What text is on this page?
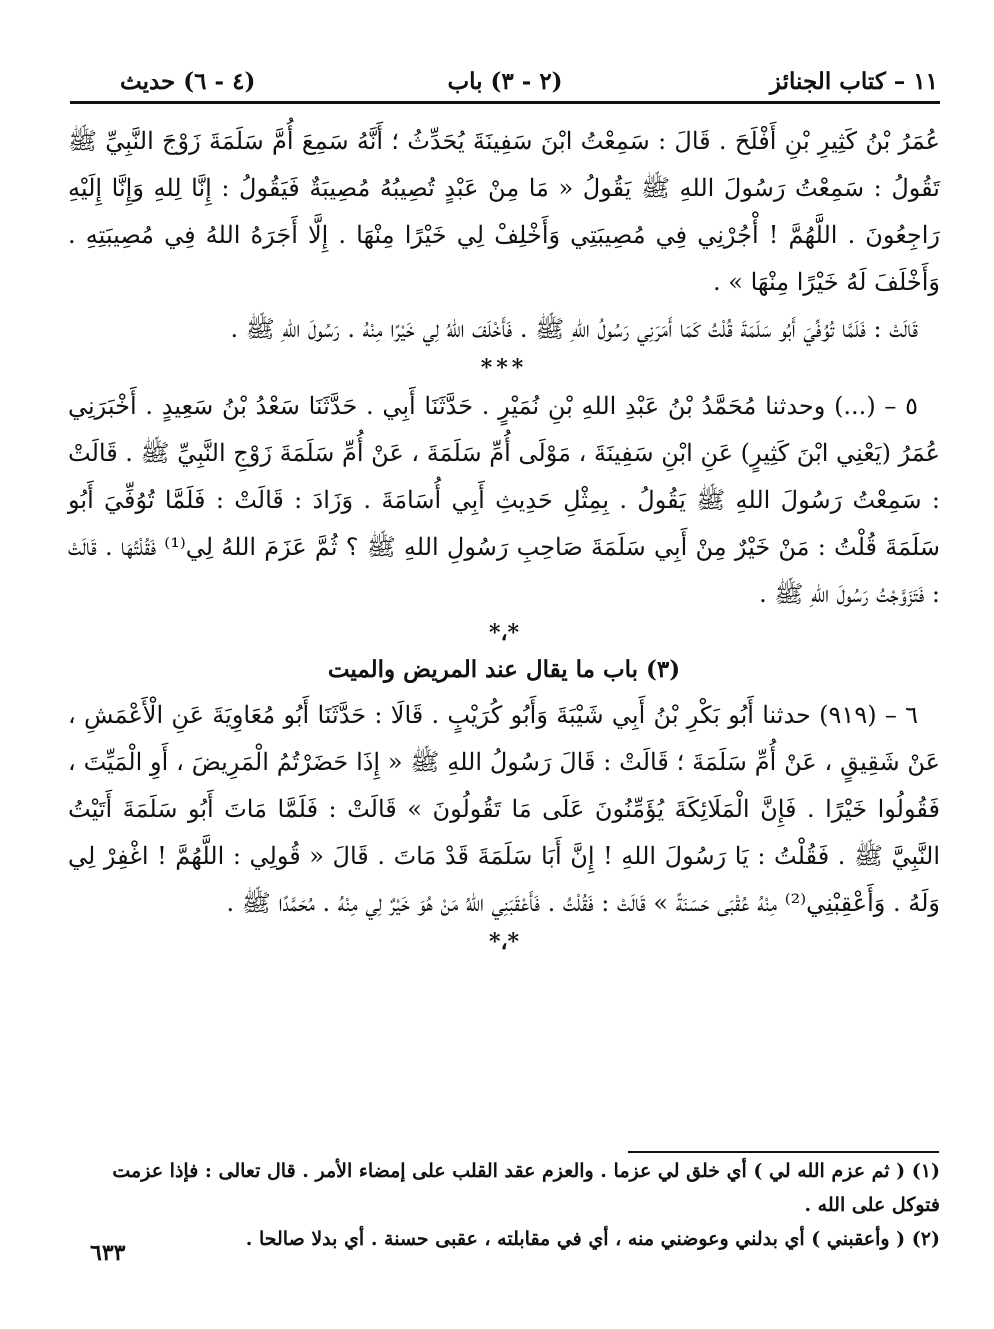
١١ – كتاب الجنائز
(٢ - ٣) باب
(٤ - ٦) حديث

عُمَرُ بْنُ كَثِيرِ بْنِ أَفْلَحَ . قَالَ : سَمِعْتُ ابْنَ سَفِينَةَ يُحَدِّثُ ؛ أَنَّهُ سَمِعَ أُمَّ سَلَمَةَ زَوْجَ النَّبِيِّ ﷺ تَقُولُ : سَمِعْتُ رَسُولَ اللهِ ﷺ يَقُولُ « مَا مِنْ عَبْدٍ تُصِيبُهُ مُصِيبَةٌ فَيَقُولُ : إِنَّا لِلهِ وَإِنَّا إِلَيْهِ رَاجِعُونَ . اللَّهُمَّ ! أْجُرْنِي فِي مُصِيبَتِي وَأَخْلِفْ لِي خَيْرًا مِنْهَا . إِلَّا أَجَرَهُ اللهُ فِي مُصِيبَتِهِ . وَأَخْلَفَ لَهُ خَيْرًا مِنْهَا » .

قَالَتْ : فَلَمَّا تُوُفِّيَ أَبُو سَلَمَةَ قُلْتُ كَمَا أَمَرَنِي رَسُولُ اللهِ ﷺ . فَأَخْلَفَ اللهُ لِي خَيْرًا مِنْهُ . رَسُولَ اللهِ ﷺ .

***

٥ – (...) وحدثنا مُحَمَّدُ بْنُ عَبْدِ اللهِ بْنِ نُمَيْرٍ . حَدَّثَنَا أَبِي . حَدَّثَنَا سَعْدُ بْنُ سَعِيدٍ . أَخْبَرَنِي عُمَرُ (يَعْنِي ابْنَ كَثِيرٍ) عَنِ ابْنِ سَفِينَةَ ، مَوْلَى أُمِّ سَلَمَةَ ، عَنْ أُمِّ سَلَمَةَ زَوْجِ النَّبِيِّ ﷺ . قَالَتْ : سَمِعْتُ رَسُولَ اللهِ ﷺ يَقُولُ . بِمِثْلِ حَدِيثِ أَبِي أُسَامَةَ . وَزَادَ : قَالَتْ : فَلَمَّا تُوُفِّيَ أَبُو سَلَمَةَ قُلْتُ : مَنْ خَيْرٌ مِنْ أَبِي سَلَمَةَ صَاحِبِ رَسُولِ اللهِ ﷺ ؟ ثُمَّ عَزَمَ اللهُ لِي⁽¹⁾ فَقُلْتُهَا . قَالَتْ : فَتَزَوَّجْتُ رَسُولَ اللهِ ﷺ .

*،*

(٣) باب ما يقال عند المريض والميت

٦ – (٩١٩) حدثنا أَبُو بَكْرِ بْنُ أَبِي شَيْبَةَ وَأَبُو كُرَيْبٍ . قَالَا : حَدَّثَنَا أَبُو مُعَاوِيَةَ عَنِ الْأَعْمَشِ ، عَنْ شَقِيقٍ ، عَنْ أُمِّ سَلَمَةَ ؛ قَالَتْ : قَالَ رَسُولُ اللهِ ﷺ « إِذَا حَضَرْتُمُ الْمَرِيضَ ، أَوِ الْمَيِّتَ ، فَقُولُوا خَيْرًا . فَإِنَّ الْمَلَائِكَةَ يُؤَمِّنُونَ عَلَى مَا تَقُولُونَ » قَالَتْ : فَلَمَّا مَاتَ أَبُو سَلَمَةَ أَتَيْتُ النَّبِيَّ ﷺ . فَقُلْتُ : يَا رَسُولَ اللهِ ! إِنَّ أَبَا سَلَمَةَ قَدْ مَاتَ . قَالَ « قُولِي : اللَّهُمَّ ! اغْفِرْ لِي وَلَهُ . وَأَعْقِبْنِي⁽²⁾ مِنْهُ عُقْبَى حَسَنَةً » قَالَتْ : فَقُلْتُ . فَأَعْقَبَنِي اللهُ مَنْ هُوَ خَيْرٌ لِي مِنْهُ . مُحَمَّدًا ﷺ .

*،*

(١) ( ثم عزم الله لي ) أي خلق لي عزما . والعزم عقد القلب على إمضاء الأمر . قال تعالى : فإذا عزمت فتوكل على الله .

(٢) ( وأعقبني ) أي بدلني وعوضني منه ، أي في مقابلته ، عقبى حسنة . أي بدلا صالحا .

٦٣٣
